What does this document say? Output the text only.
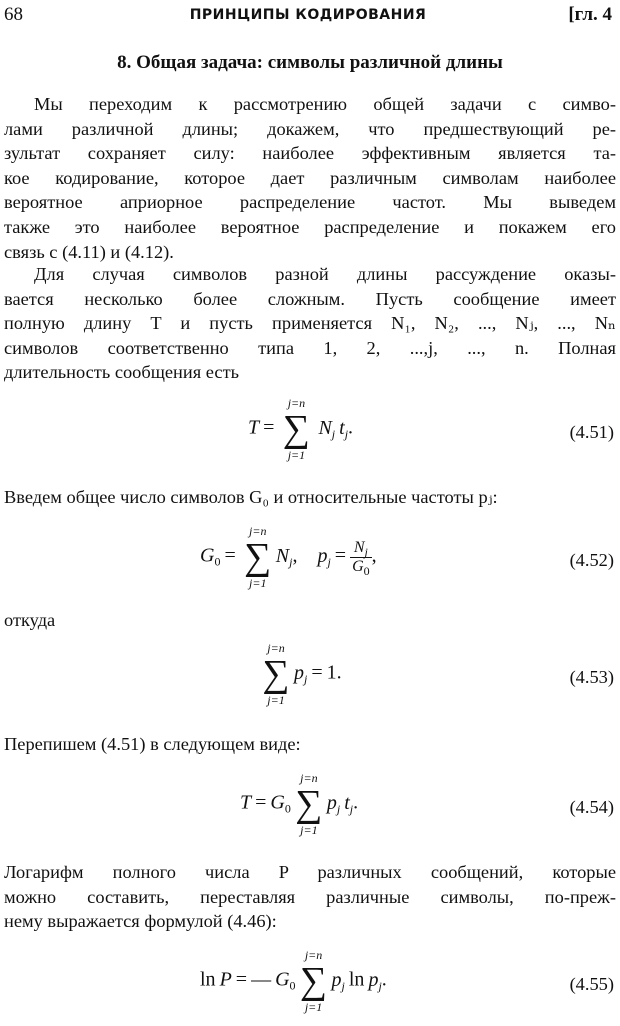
68	ПРИНЦИПЫ КОДИРОВАНИЯ	[гл. 4
8. Общая задача: символы различной длины

Мы переходим к рассмотрению общей задачи с симво-
лами различной длины; докажем, что предшествующий ре-
зультат сохраняет силу: наиболее эффективным является та-
кое кодирование, которое дает различным символам наиболее
вероятное априорное распределение частот. Мы выведем
также это наиболее вероятное распределение и покажем его
связь с (4.11) и (4.12).

Для случая символов разной длины рассуждение оказы-
вается несколько более сложным. Пусть сообщение имеет
полную длину T и пусть применяется N₁, N₂, ..., Nⱼ, ..., Nₙ
символов соответственно типа 1, 2, ...,j, ..., n. Полная
длительность сообщения есть

T = 
j=n
∑
j=1
 $N_j$  $t_j$.	(4.51)

Введем общее число символов G₀ и относительные частоты pⱼ:

$G_0$ = 
j=n
∑
j=1
$N_j$,    $p_j = \frac{N_j}{G_0}$ ,	(4.52)

откуда

j=n
∑
j=1
$p_j = 1$.	(4.53)

Перепишем (4.51) в следующем виде:

$T = G_0$
j=n
∑
j=1
$p_j$  $t_j$.	(4.54)

Логарифм полного числа P различных сообщений, которые
можно составить, переставляя различные символы, по-преж-
нему выражается формулой (4.46):

ln P = — $G_0$
j=n
∑
j=1
$p_j$ $\ln p_j$.	(4.55)
